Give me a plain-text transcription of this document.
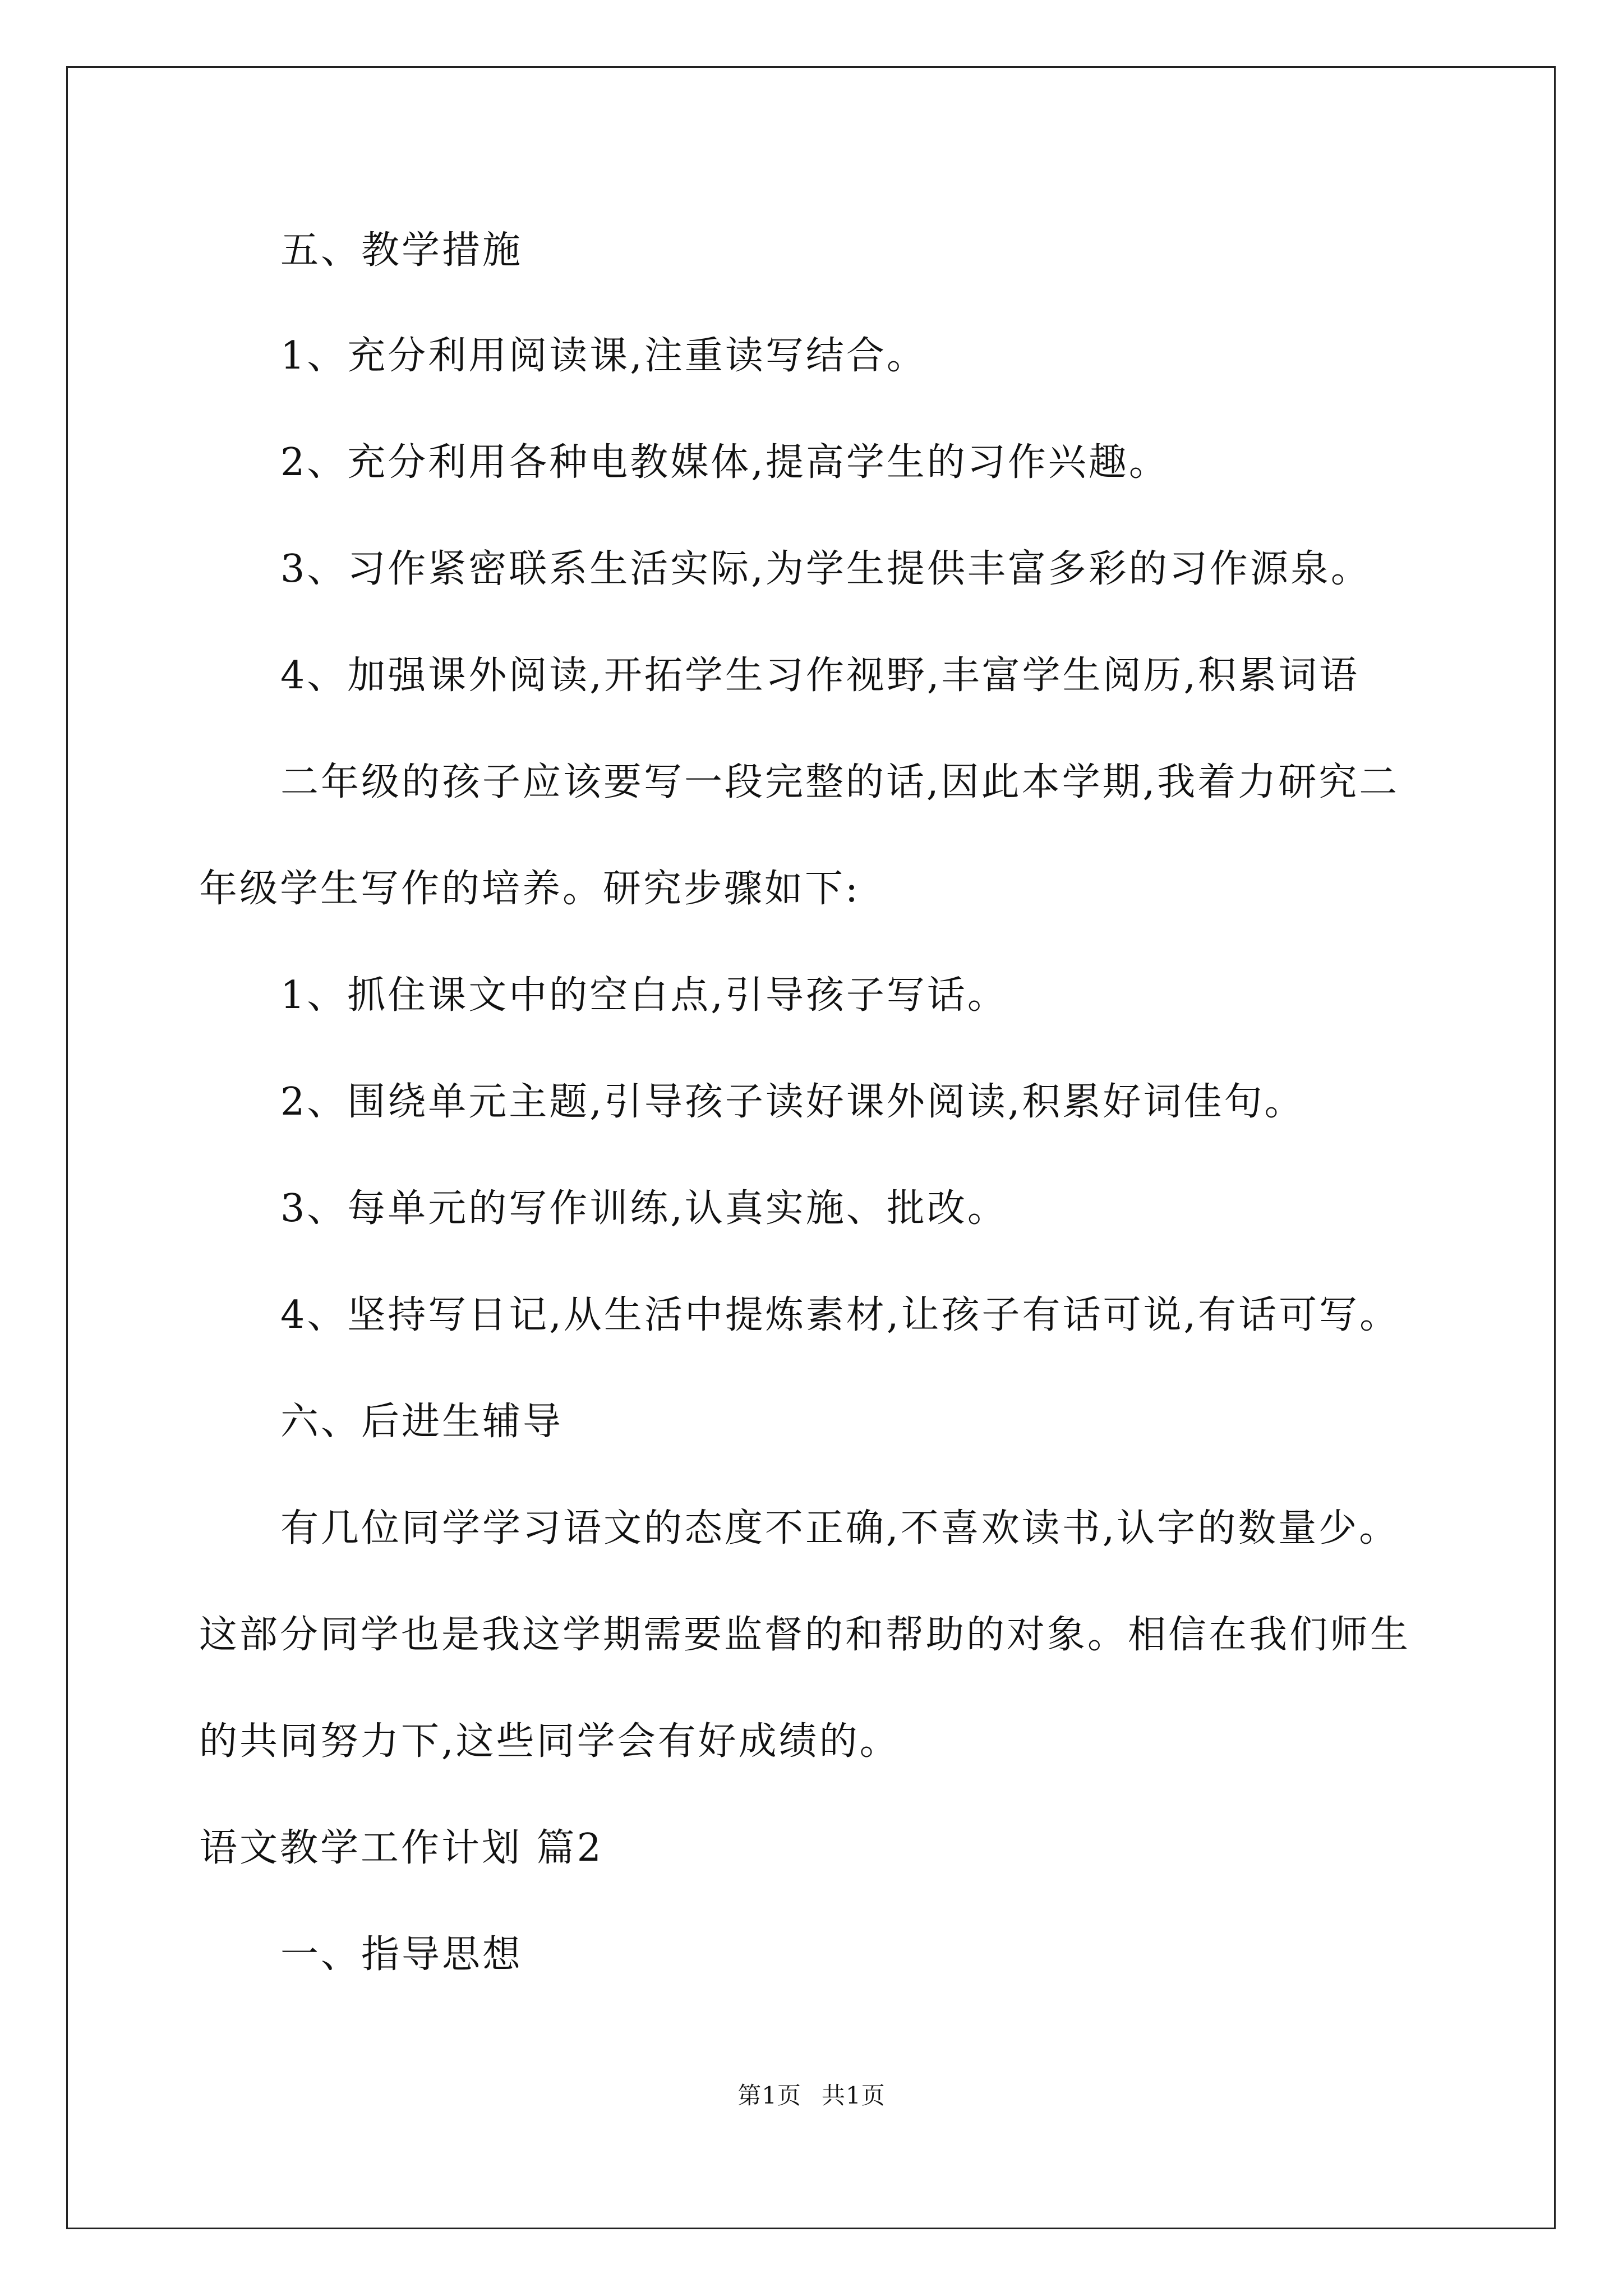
五、教学措施
1、充分利用阅读课,注重读写结合。
2、充分利用各种电教媒体,提高学生的习作兴趣。
3、习作紧密联系生活实际,为学生提供丰富多彩的习作源泉。
4、加强课外阅读,开拓学生习作视野,丰富学生阅历,积累词语
二年级的孩子应该要写一段完整的话,因此本学期,我着力研究二
年级学生写作的培养。研究步骤如下:
1、抓住课文中的空白点,引导孩子写话。
2、围绕单元主题,引导孩子读好课外阅读,积累好词佳句。
3、每单元的写作训练,认真实施、批改。
4、坚持写日记,从生活中提炼素材,让孩子有话可说,有话可写。
六、后进生辅导
有几位同学学习语文的态度不正确,不喜欢读书,认字的数量少。
这部分同学也是我这学期需要监督的和帮助的对象。相信在我们师生
的共同努力下,这些同学会有好成绩的。
语文教学工作计划 篇2
一、指导思想
第1页 共1页
